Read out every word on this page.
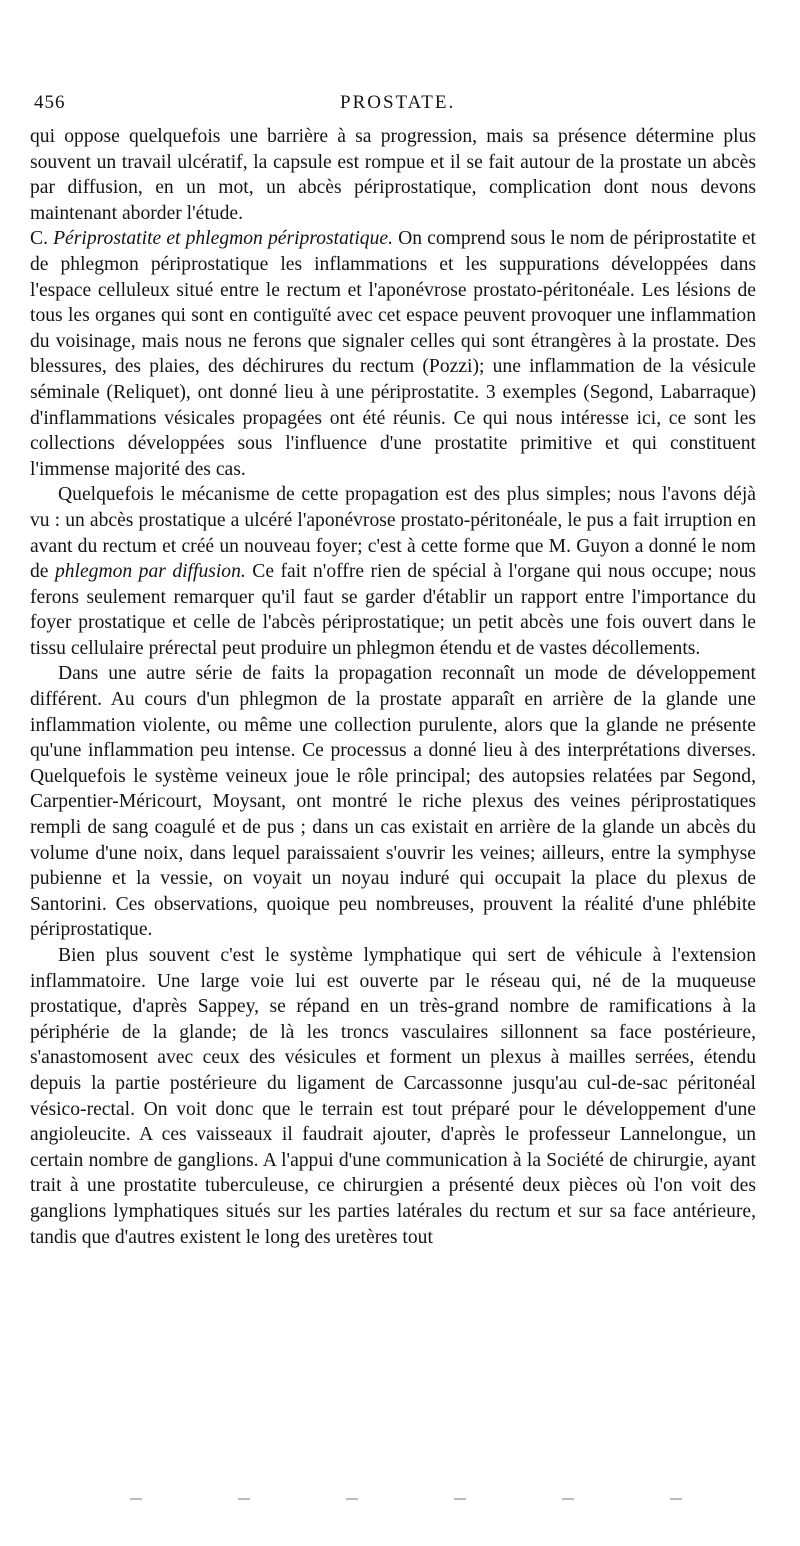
456	PROSTATE.

qui oppose quelquefois une barrière à sa progression, mais sa présence détermine plus souvent un travail ulcératif, la capsule est rompue et il se fait autour de la prostate un abcès par diffusion, en un mot, un abcès périprostatique, complication dont nous devons maintenant aborder l'étude.

C. Périprostatite et phlegmon périprostatique. On comprend sous le nom de périprostatite et de phlegmon périprostatique les inflammations et les suppurations développées dans l'espace celluleux situé entre le rectum et l'aponévrose prostato-péritonéale. Les lésions de tous les organes qui sont en contiguïté avec cet espace peuvent provoquer une inflammation du voisinage, mais nous ne ferons que signaler celles qui sont étrangères à la prostate. Des blessures, des plaies, des déchirures du rectum (Pozzi); une inflammation de la vésicule séminale (Reliquet), ont donné lieu à une périprostatite. 3 exemples (Segond, Labarraque) d'inflammations vésicales propagées ont été réunis. Ce qui nous intéresse ici, ce sont les collections développées sous l'influence d'une prostatite primitive et qui constituent l'immense majorité des cas.

Quelquefois le mécanisme de cette propagation est des plus simples; nous l'avons déjà vu : un abcès prostatique a ulcéré l'aponévrose prostato-péritonéale, le pus a fait irruption en avant du rectum et créé un nouveau foyer; c'est à cette forme que M. Guyon a donné le nom de phlegmon par diffusion. Ce fait n'offre rien de spécial à l'organe qui nous occupe; nous ferons seulement remarquer qu'il faut se garder d'établir un rapport entre l'importance du foyer prostatique et celle de l'abcès périprostatique; un petit abcès une fois ouvert dans le tissu cellulaire prérectal peut produire un phlegmon étendu et de vastes décollements.

Dans une autre série de faits la propagation reconnaît un mode de développement différent. Au cours d'un phlegmon de la prostate apparaît en arrière de la glande une inflammation violente, ou même une collection purulente, alors que la glande ne présente qu'une inflammation peu intense. Ce processus a donné lieu à des interprétations diverses. Quelquefois le système veineux joue le rôle principal; des autopsies relatées par Segond, Carpentier-Méricourt, Moysant, ont montré le riche plexus des veines périprostatiques rempli de sang coagulé et de pus ; dans un cas existait en arrière de la glande un abcès du volume d'une noix, dans lequel paraissaient s'ouvrir les veines; ailleurs, entre la symphyse pubienne et la vessie, on voyait un noyau induré qui occupait la place du plexus de Santorini. Ces observations, quoique peu nombreuses, prouvent la réalité d'une phlébite périprostatique.

Bien plus souvent c'est le système lymphatique qui sert de véhicule à l'extension inflammatoire. Une large voie lui est ouverte par le réseau qui, né de la muqueuse prostatique, d'après Sappey, se répand en un très-grand nombre de ramifications à la périphérie de la glande; de là les troncs vasculaires sillonnent sa face postérieure, s'anastomosent avec ceux des vésicules et forment un plexus à mailles serrées, étendu depuis la partie postérieure du ligament de Carcassonne jusqu'au cul-de-sac péritonéal vésico-rectal. On voit donc que le terrain est tout préparé pour le développement d'une angioleucite. A ces vaisseaux il faudrait ajouter, d'après le professeur Lannelongue, un certain nombre de ganglions. A l'appui d'une communication à la Société de chirurgie, ayant trait à une prostatite tuberculeuse, ce chirurgien a présenté deux pièces où l'on voit des ganglions lymphatiques situés sur les parties latérales du rectum et sur sa face antérieure, tandis que d'autres existent le long des uretères tout
